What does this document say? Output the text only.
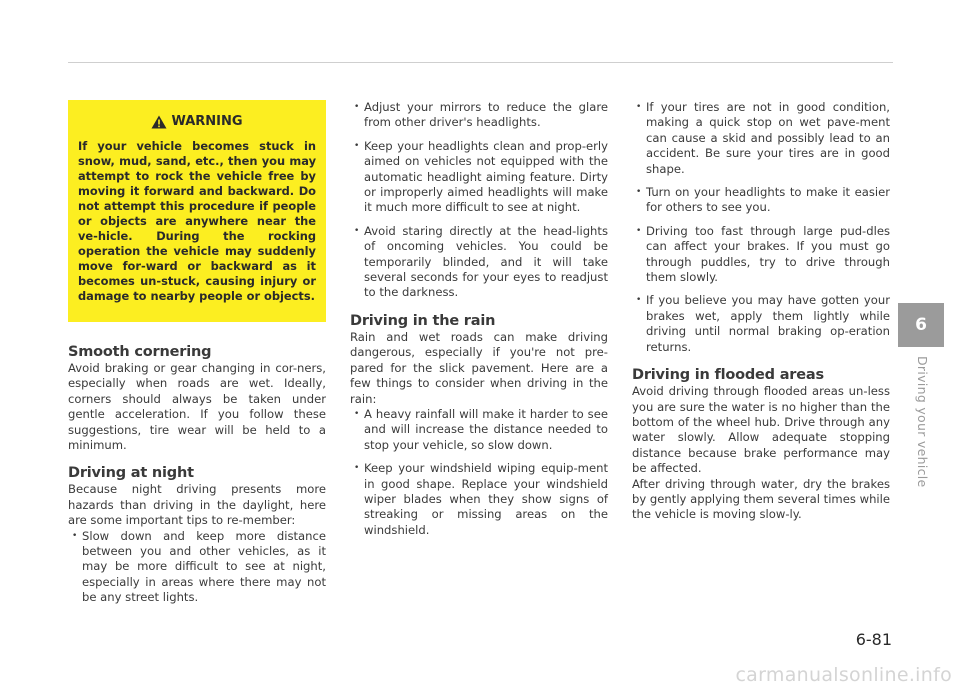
WARNING

If your vehicle becomes stuck in snow, mud, sand, etc., then you may attempt to rock the vehicle free by moving it forward and backward. Do not attempt this procedure if people or objects are anywhere near the ve-hicle. During the rocking operation the vehicle may suddenly move for-ward or backward as it becomes un-stuck, causing injury or damage to nearby people or objects.

Smooth cornering

Avoid braking or gear changing in cor-ners, especially when roads are wet. Ideally, corners should always be taken under gentle acceleration. If you follow these suggestions, tire wear will be held to a minimum.

Driving at night

Because night driving presents more hazards than driving in the daylight, here are some important tips to re-member:

• Slow down and keep more distance between you and other vehicles, as it may be more difficult to see at night, especially in areas where there may not be any street lights.
• Adjust your mirrors to reduce the glare from other driver's headlights.
• Keep your headlights clean and prop-erly aimed on vehicles not equipped with the automatic headlight aiming feature. Dirty or improperly aimed headlights will make it much more difficult to see at night.
• Avoid staring directly at the head-lights of oncoming vehicles. You could be temporarily blinded, and it will take several seconds for your eyes to readjust to the darkness.
Driving in the rain

Rain and wet roads can make driving dangerous, especially if you're not pre-pared for the slick pavement. Here are a few things to consider when driving in the rain:

• A heavy rainfall will make it harder to see and will increase the distance needed to stop your vehicle, so slow down.
• Keep your windshield wiping equip-ment in good shape. Replace your windshield wiper blades when they show signs of streaking or missing areas on the windshield.
• If your tires are not in good condition, making a quick stop on wet pave-ment can cause a skid and possibly lead to an accident. Be sure your tires are in good shape.
• Turn on your headlights to make it easier for others to see you.
• Driving too fast through large pud-dles can affect your brakes. If you must go through puddles, try to drive through them slowly.
• If you believe you may have gotten your brakes wet, apply them lightly while driving until normal braking op-eration returns.
Driving in flooded areas

Avoid driving through flooded areas un-less you are sure the water is no higher than the bottom of the wheel hub. Drive through any water slowly. Allow adequate stopping distance because brake performance may be affected.

After driving through water, dry the brakes by gently applying them several times while the vehicle is moving slow-ly.

6
Driving your vehicle
6-81
carmanualsonline.info
